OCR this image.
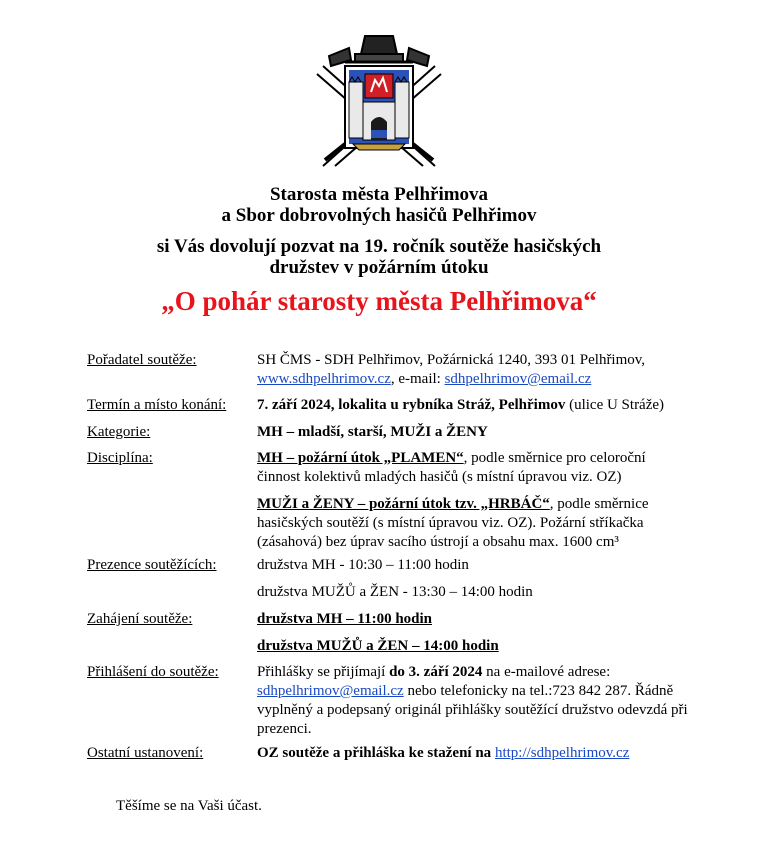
Starosta města Pelhřimova
a Sbor dobrovolných hasičů Pelhřimov
si Vás dovolují pozvat na 19. ročník soutěže hasičských
družstev v požárním útoku
„O pohár starosty města Pelhřimova“
Pořadatel soutěže:	SH ČMS - SDH Pelhřimov, Požárnická 1240, 393 01 Pelhřimov,

www.sdhpelhrimov.cz, e-mail: sdhpelhrimov@email.cz

Termín a místo konání: 7. září 2024, lokalita u rybníka Stráž, Pelhřimov (ulice U Stráže)

Kategorie:	MH – mladší, starší, MUŽI a ŽENY
Disciplína:	MH – požární útok „PLAMEN“, podle směrnice pro celoroční činnost kolektivů mladých hasičů (s místní úpravou viz. OZ)

MUŽI a ŽENY – požární útok tzv. „HRBÁČ“, podle směrnice hasičských soutěží (s místní úpravou viz. OZ). Požární stříkačka (zásahová) bez úprav sacího ústrojí a obsahu max. 1600 cm³

Prezence soutěžících:	družstva MH - 10:30 – 11:00 hodin

družstva MUŽŮ a ŽEN - 13:30 – 14:00 hodin

Zahájení soutěže:	družstva MH – 11:00 hodin

družstva MUŽŮ a ŽEN – 14:00 hodin

Přihlášení do soutěže:	Přihlášky se přijímají do 3. září 2024 na e-mailové adrese: sdhpelhrimov@email.cz nebo telefonicky na tel.:723 842 287. Řádně vyplněný a podepsaný originál přihlášky soutěžící družstvo odevzdá při prezenci.

Ostatní ustanovení:	OZ soutěže a přihláška ke stažení na http://sdhpelhrimov.cz

Těšíme se na Vaši účast.
